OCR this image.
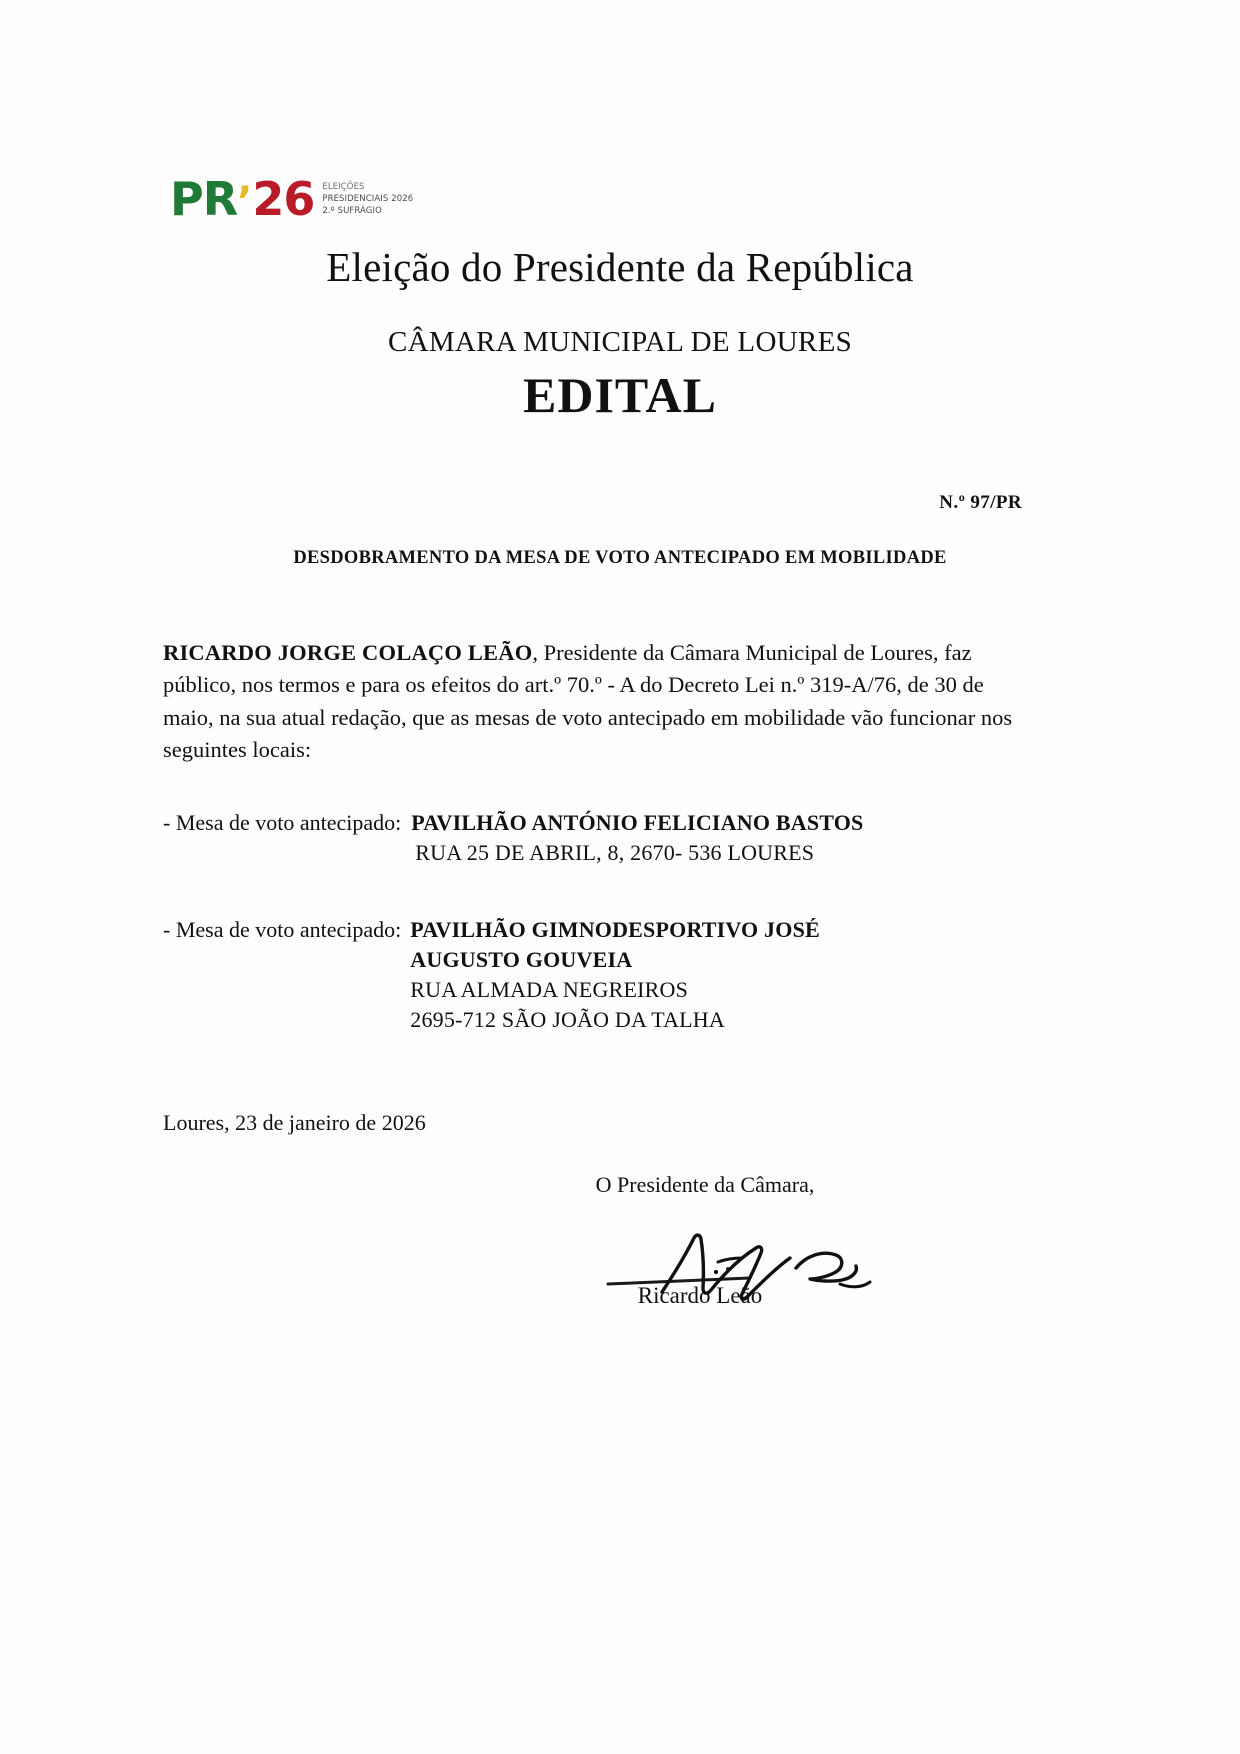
PR ’ 26 ELEIÇÕES
PRESIDENCIAIS 2026
2.º SUFRÁGIO
Eleição do Presidente da República
CÂMARA MUNICIPAL DE LOURES
EDITAL
N.º 97/PR
DESDOBRAMENTO DA MESA DE VOTO ANTECIPADO EM MOBILIDADE
RICARDO JORGE COLAÇO LEÃO, Presidente da Câmara Municipal de Loures, faz público, nos termos e para os efeitos do art.º 70.º - A do Decreto Lei n.º 319-A/76, de 30 de maio, na sua atual redação, que as mesas de voto antecipado em mobilidade vão funcionar nos seguintes locais:
- Mesa de voto antecipado: PAVILHÃO ANTÓNIO FELICIANO BASTOS
RUA 25 DE ABRIL, 8, 2670- 536 LOURES
- Mesa de voto antecipado: PAVILHÃO GIMNODESPORTIVO JOSÉ
AUGUSTO GOUVEIA
RUA ALMADA NEGREIROS
2695-712 SÃO JOÃO DA TALHA
Loures, 23 de janeiro de 2026
O Presidente da Câmara,
Ricardo Leão
